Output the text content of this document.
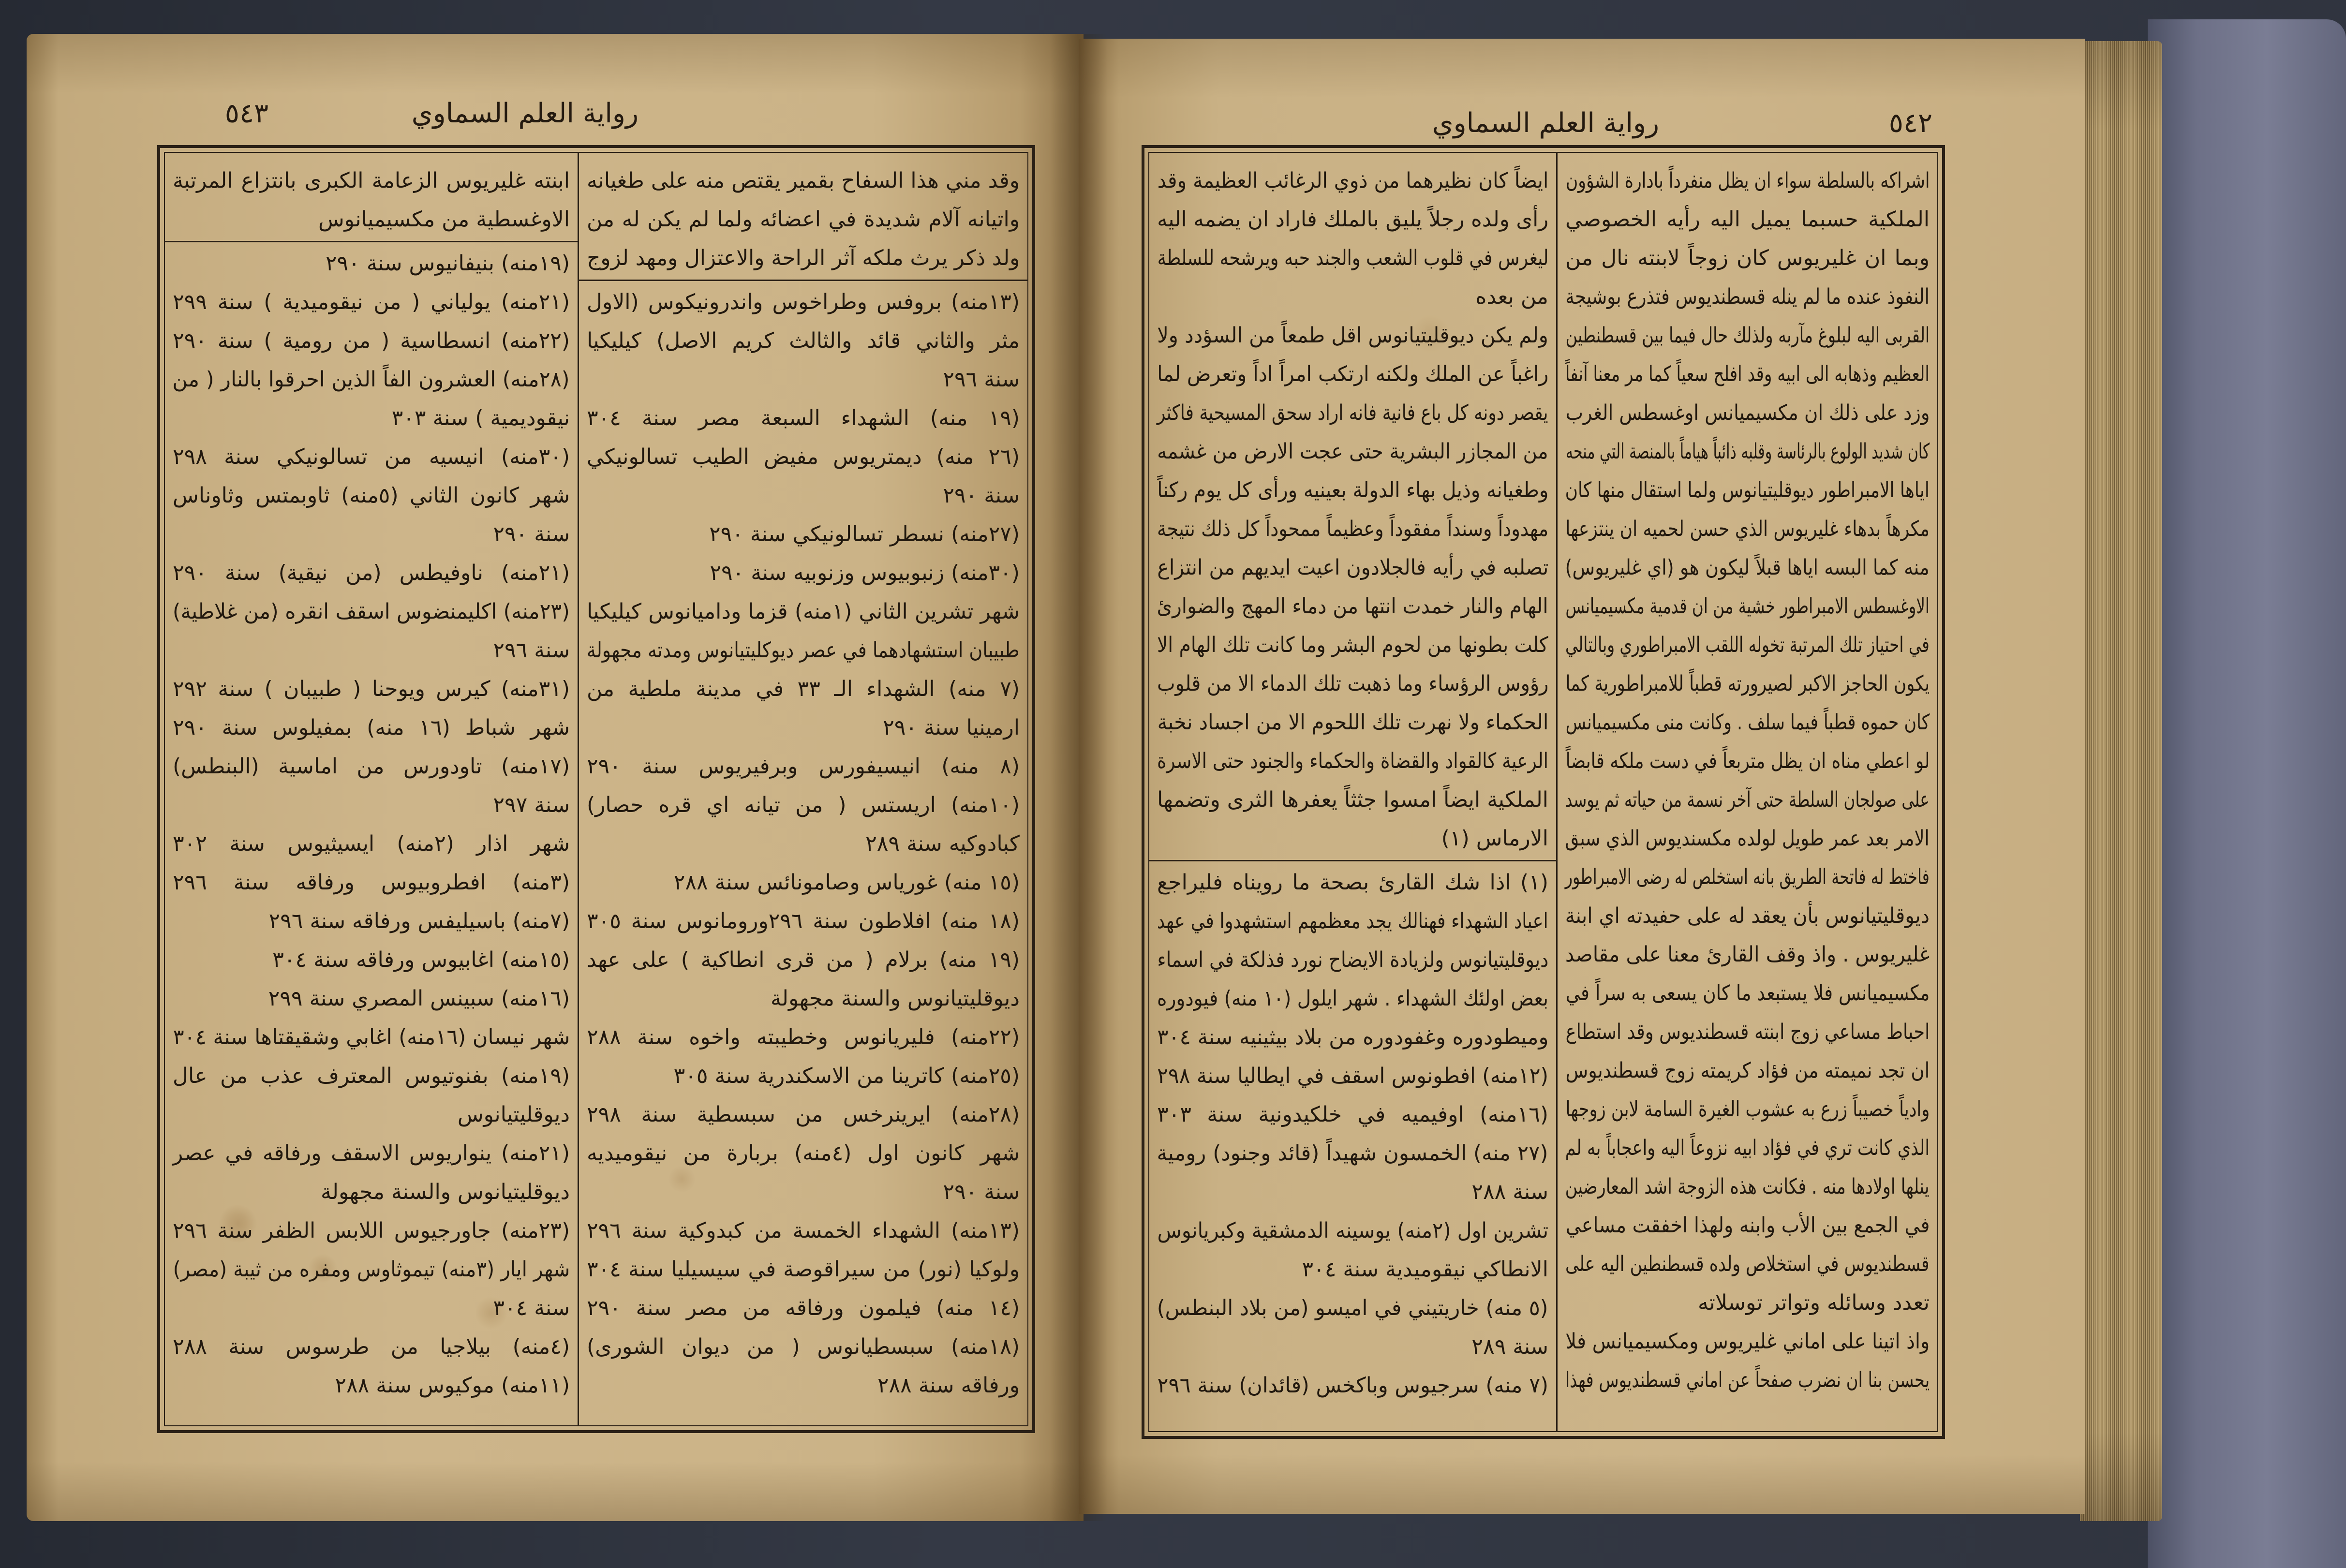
٥٤٣	رواية العلم السماوي
وقد مني هذا السفاح بقمير يقتص منه على طغيانه
واتيانه آلام شديدة في اعضائه ولما لم يكن له من
ولد ذكر يرث ملكه آثر الراحة والاعتزال ومهد لزوج
(١٣منه) بروفس وطراخوس واندرونيكوس (الاول
مثر والثاني قائد والثالث كريم الاصل) كيليكيا
سنة ٢٩٦
(١٩ منه) الشهداء السبعة مصر سنة ٣٠٤
(٢٦ منه) ديمتريوس مفيض الطيب تسالونيكي
سنة ٢٩٠
(٢٧منه) نسطر تسالونيكي سنة ٢٩٠
(٣٠منه) زنبوبيوس وزنوبيه سنة ٢٩٠
شهر تشرين الثاني (١منه) قزما وداميانوس كيليكيا
طبيبان استشهادهما في عصر ديوكليتيانوس ومدته مجهولة
(٧ منه) الشهداء الـ ٣٣ في مدينة ملطية من
ارمينيا سنة ٢٩٠
(٨ منه) انيسيفورس وبرفيريوس سنة ٢٩٠
(١٠منه) اريستس ( من تيانه اي قره حصار)
كبادوكيه سنة ٢٨٩
(١٥ منه) غورياس وصامونائس سنة ٢٨٨
(١٨ منه) افلاطون سنة ٢٩٦ورومانوس سنة ٣٠٥
(١٩ منه) برلام ( من قرى انطاكية ) على عهد
ديوقليتيانوس والسنة مجهولة
(٢٢منه) فليريانوس وخطيبته واخوه سنة ٢٨٨
(٢٥منه) كاترينا من الاسكندرية سنة ٣٠٥
(٢٨منه) ايرينرخس من سبسطية سنة ٢٩٨
شهر كانون اول (٤منه) بربارة من نيقوميديه
سنة ٢٩٠
(١٣منه) الشهداء الخمسة من كبدوكية سنة ٢٩٦
ولوكيا (نور) من سيراقوصة في سيسيليا سنة ٣٠٤
(١٤ منه) فيلمون ورفاقه من مصر سنة ٢٩٠
(١٨منه) سبسطيانوس ( من ديوان الشورى)
ورفاقه سنة ٢٨٨
ابنته غليريوس الزعامة الكبرى بانتزاع المرتبة
الاوغسطية من مكسيميانوس
(١٩منه) بنيفانيوس سنة ٢٩٠
(٢١منه) يولياني ( من نيقوميدية ) سنة ٢٩٩
(٢٢منه) انسطاسية ( من رومية ) سنة ٢٩٠
(٢٨منه) العشرون الفاً الذين احرقوا بالنار ( من
نيقوديمية ) سنة ٣٠٣
(٣٠منه) انيسيه من تسالونيكي سنة ٢٩٨
شهر كانون الثاني (٥منه) ثاوبمتس وثاوناس
سنة ٢٩٠
(٢١منه) ناوفيطس (من نيقية) سنة ٢٩٠
(٢٣منه) اكليمنضوس اسقف انقره (من غلاطية)
سنة ٢٩٦
(٣١منه) كيرس ويوحنا ( طبيبان ) سنة ٢٩٢
شهر شباط (١٦ منه) بمفيلوس سنة ٢٩٠
(١٧منه) تاودورس من اماسية (البنطس)
سنة ٢٩٧
شهر اذار (٢منه) ايسيثيوس سنة ٣٠٢
(٣منه) افطروبيوس ورفاقه سنة ٢٩٦
(٧منه) باسيليفس ورفاقه سنة ٢٩٦
(١٥منه) اغابيوس ورفاقه سنة ٣٠٤
(١٦منه) سبينس المصري سنة ٢٩٩
شهر نيسان (١٦منه) اغابي وشقيقتاها سنة ٣٠٤
(١٩منه) بفنوتيوس المعترف عذب من عال
ديوقليتيانوس
(٢١منه) ينواريوس الاسقف ورفاقه في عصر
ديوقليتيانوس والسنة مجهولة
(٢٣منه) جاورجيوس اللابس الظفر سنة ٢٩٦
شهر ايار (٣منه) تيموثاوس ومفره من ثيبة (مصر)
سنة ٣٠٤
(٤منه) بيلاجيا من طرسوس سنة ٢٨٨
(١١منه) موكيوس سنة ٢٨٨
رواية العلم السماوي	٥٤٢
اشراكه بالسلطة سواء ان يظل منفرداً بادارة الشؤون
الملكية حسبما يميل اليه رأيه الخصوصي
وبما ان غليريوس كان زوجاً لابنته نال من
النفوذ عنده ما لم ينله قسطنديوس فتذرع بوشيجة
القربى اليه لبلوغ مآربه ولذلك حال فيما بين قسطنطين
العظيم وذهابه الى ابيه وقد افلح سعياً كما مر معنا آنفاً
وزد على ذلك ان مكسيميانس اوغسطس الغرب
كان شديد الولوع بالرئاسة وقلبه ذائباً هياماً بالمنصة التي منحه
اياها الامبراطور ديوقليتيانوس ولما استقال منها كان
مكرهاً بدهاء غليريوس الذي حسن لحميه ان ينتزعها
منه كما البسه اياها قبلاً ليكون هو (اي غليريوس)
الاوغسطس الامبراطور خشية من ان قدمية مكسيميانس
في احتياز تلك المرتبة تخوله اللقب الامبراطوري وبالتالي
يكون الحاجز الاكبر لصيرورته قطباً للامبراطورية كما
كان حموه قطباً فيما سلف . وكانت منى مكسيميانس
لو اعطي مناه ان يظل متربعاً في دست ملكه قابضاً
على صولجان السلطة حتى آخر نسمة من حياته ثم يوسد
الامر بعد عمر طويل لولده مكسنديوس الذي سبق
فاختط له فاتحة الطريق بانه استخلص له رضى الامبراطور
ديوقليتيانوس بأن يعقد له على حفيدته اي ابنة
غليريوس . واذ وقف القارئ معنا على مقاصد
مكسيميانس فلا يستبعد ما كان يسعى به سراً في
احباط مساعي زوج ابنته قسطنديوس وقد استطاع
ان تجد نميمته من فؤاد كريمته زوج قسطنديوس
وادياً خصيباً زرع به عشوب الغيرة السامة لابن زوجها
الذي كانت تري في فؤاد ابيه نزوعاً اليه واعجاباً به لم
ينلها اولادها منه . فكانت هذه الزوجة اشد المعارضين
في الجمع بين الأب وابنه ولهذا اخفقت مساعي
قسطنديوس في استخلاص ولده قسطنطين اليه على
تعدد وسائله وتواتر توسلاته
واذ اتينا على اماني غليريوس ومكسيميانس فلا
يحسن بنا ان نضرب صفحاً عن اماني قسطنديوس فهذا
ايضاً كان نظيرهما من ذوي الرغائب العظيمة وقد
رأى ولده رجلاً يليق بالملك فاراد ان يضمه اليه
ليغرس في قلوب الشعب والجند حبه ويرشحه للسلطة
من بعده
ولم يكن ديوقليتيانوس اقل طمعاً من السؤدد ولا
راغباً عن الملك ولكنه ارتكب امراً اداً وتعرض لما
يقصر دونه كل باع فانية فانه اراد سحق المسيحية فاكثر
من المجازر البشرية حتى عجت الارض من غشمه
وطغيانه وذيل بهاء الدولة بعينيه ورأى كل يوم ركناً
مهدوداً وسنداً مفقوداً وعظيماً ممحوداً كل ذلك نتيجة
تصلبه في رأيه فالجلادون اعيت ايديهم من انتزاع
الهام والنار خمدت انتها من دماء المهج والضوارئ
كلت بطونها من لحوم البشر وما كانت تلك الهام الا
رؤوس الرؤساء وما ذهبت تلك الدماء الا من قلوب
الحكماء ولا نهرت تلك اللحوم الا من اجساد نخبة
الرعية كالقواد والقضاة والحكماء والجنود حتى الاسرة
الملكية ايضاً امسوا جثثاً يعفرها الثرى وتضمها
الارماس (١)
(١) اذا شك القارئ بصحة ما رويناه فليراجع
اعياد الشهداء فهنالك يجد معظمهم استشهدوا في عهد
ديوقليتيانوس ولزيادة الايضاح نورد فذلكة في اسماء
بعض اولئك الشهداء . شهر ايلول (١٠ منه) فيودوره
وميطودوره وغفودوره من بلاد بيثينيه سنة ٣٠٤
(١٢منه) افطونوس اسقف في ايطاليا سنة ٢٩٨
(١٦منه) اوفيميه في خلكيدونية سنة ٣٠٣
(٢٧ منه) الخمسون شهيداً (قائد وجنود) رومية
سنة ٢٨٨
تشرين اول (٢منه) يوسينه الدمشقية وكبريانوس
الانطاكي نيقوميدية سنة ٣٠٤
(٥ منه) خاريتيني في اميسو (من بلاد البنطس)
سنة ٢٨٩
(٧ منه) سرجيوس وباكخس (قائدان) سنة ٢٩٦
